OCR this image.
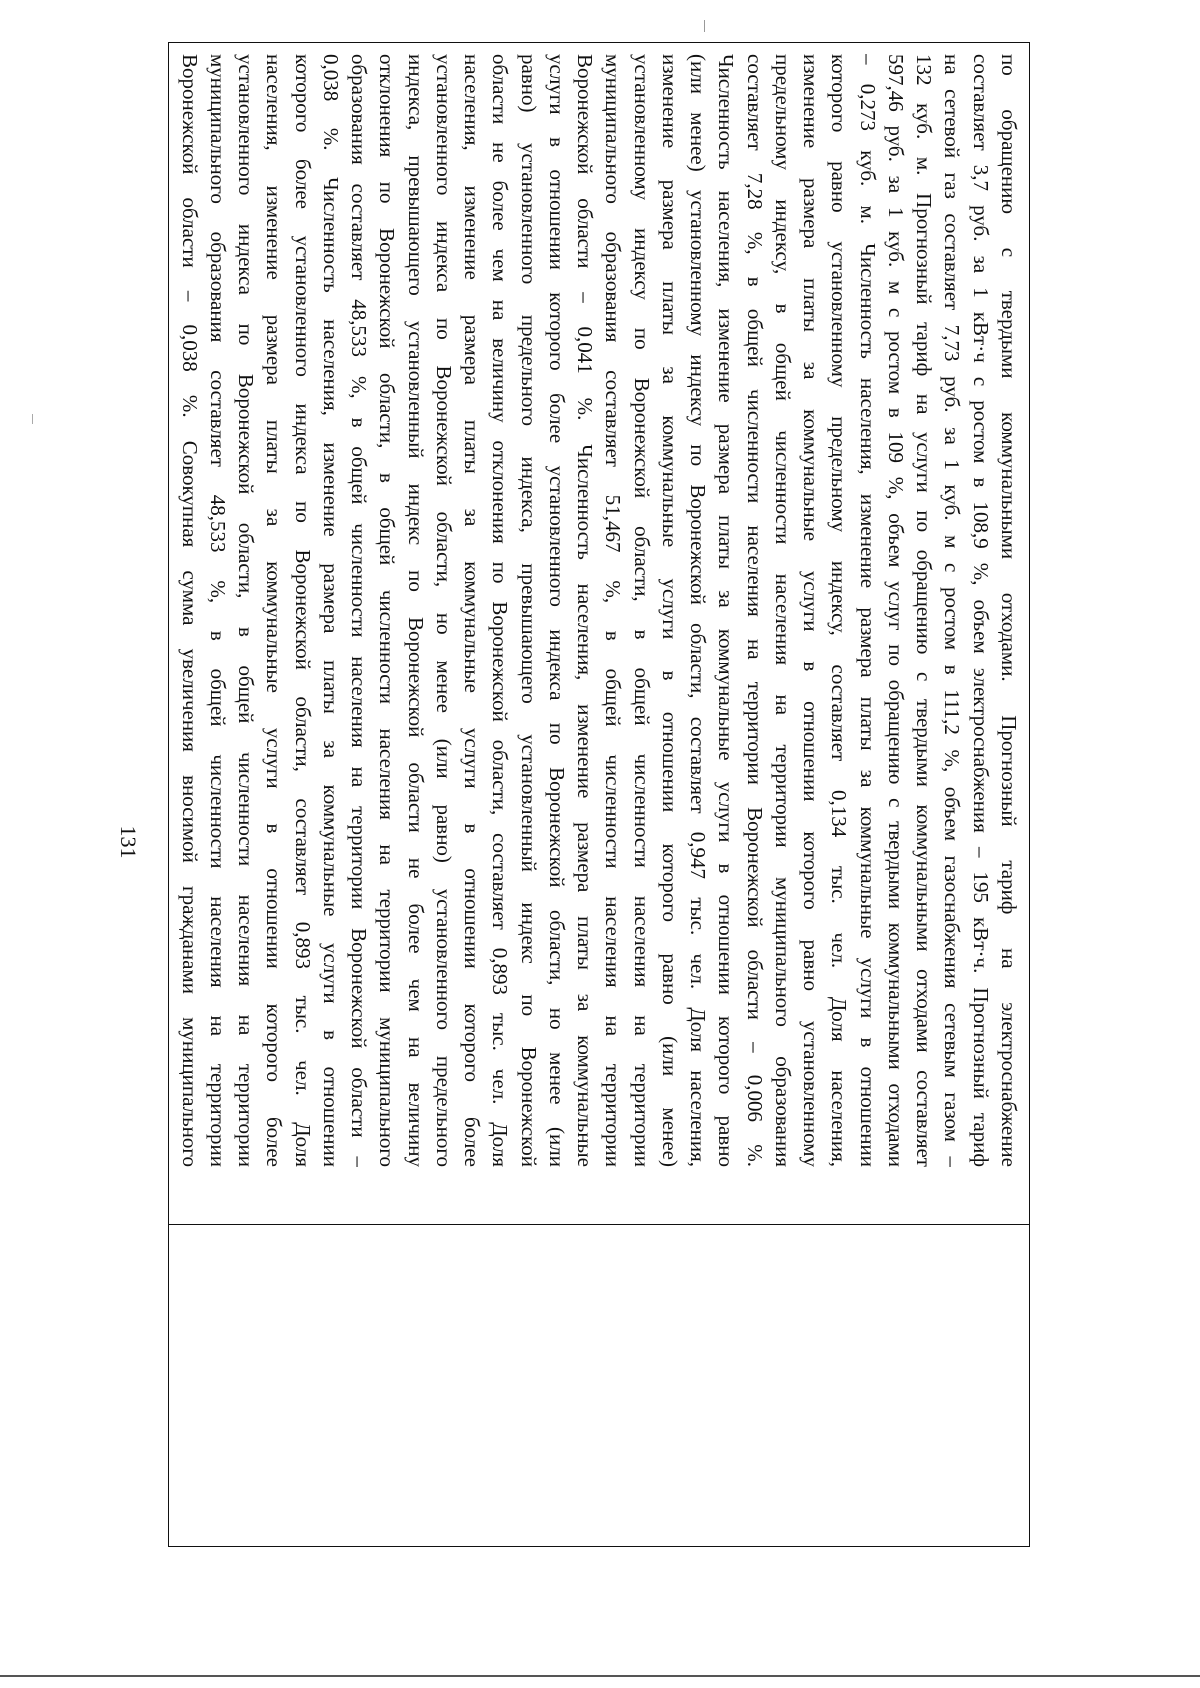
131	по обращению с твердыми коммунальными отходами. Прогнозный тариф на электроснабжение
составляет 3,7 руб. за 1 кВт·ч с ростом в 108,9 %, объем электроснабжения – 195 кВт·ч. Прогнозный тариф
на сетевой газ составляет 7,73 руб. за 1 куб. м с ростом в 111,2 %, объем газоснабжения сетевым газом –
132 куб. м. Прогнозный тариф на услуги по обращению с твердыми коммунальными отходами составляет
597,46 руб. за 1 куб. м с ростом в 109 %, объем услуг по обращению с твердыми коммунальными отходами
– 0,273 куб. м. Численность населения, изменение размера платы за коммунальные услуги в отношении
которого равно установленному предельному индексу, составляет 0,134 тыс. чел. Доля населения,
изменение размера платы за коммунальные услуги в отношении которого равно установленному
предельному индексу, в общей численности населения на территории муниципального образования
составляет 7,28 %, в общей численности населения на территории Воронежской области – 0,006 %.
Численность населения, изменение размера платы за коммунальные услуги в отношении которого равно
(или менее) установленному индексу по Воронежской области, составляет 0,947 тыс. чел. Доля населения,
изменение размера платы за коммунальные услуги в отношении которого равно (или менее)
установленному индексу по Воронежской области, в общей численности населения на территории
муниципального образования составляет 51,467 %, в общей численности населения на территории
Воронежской области – 0,041 %. Численность населения, изменение размера платы за коммунальные
услуги в отношении которого более установленного индекса по Воронежской области, но менее (или
равно) установленного предельного индекса, превышающего установленный индекс по Воронежской
области не более чем на величину отклонения по Воронежской области, составляет 0,893 тыс. чел. Доля
населения, изменение размера платы за коммунальные услуги в отношении которого более
установленного индекса по Воронежской области, но менее (или равно) установленного предельного
индекса, превышающего установленный индекс по Воронежской области не более чем на величину
отклонения по Воронежской области, в общей численности населения на территории муниципального
образования составляет 48,533 %, в общей численности населения на территории Воронежской области –
0,038 %. Численность населения, изменение размера платы за коммунальные услуги в отношении
которого более установленного индекса по Воронежской области, составляет 0,893 тыс. чел. Доля
населения, изменение размера платы за коммунальные услуги в отношении которого более
установленного индекса по Воронежской области, в общей численности населения на территории
муниципального образования составляет 48,533 %, в общей численности населения на территории
Воронежской области – 0,038 %. Совокупная сумма увеличения вносимой гражданами муниципального
